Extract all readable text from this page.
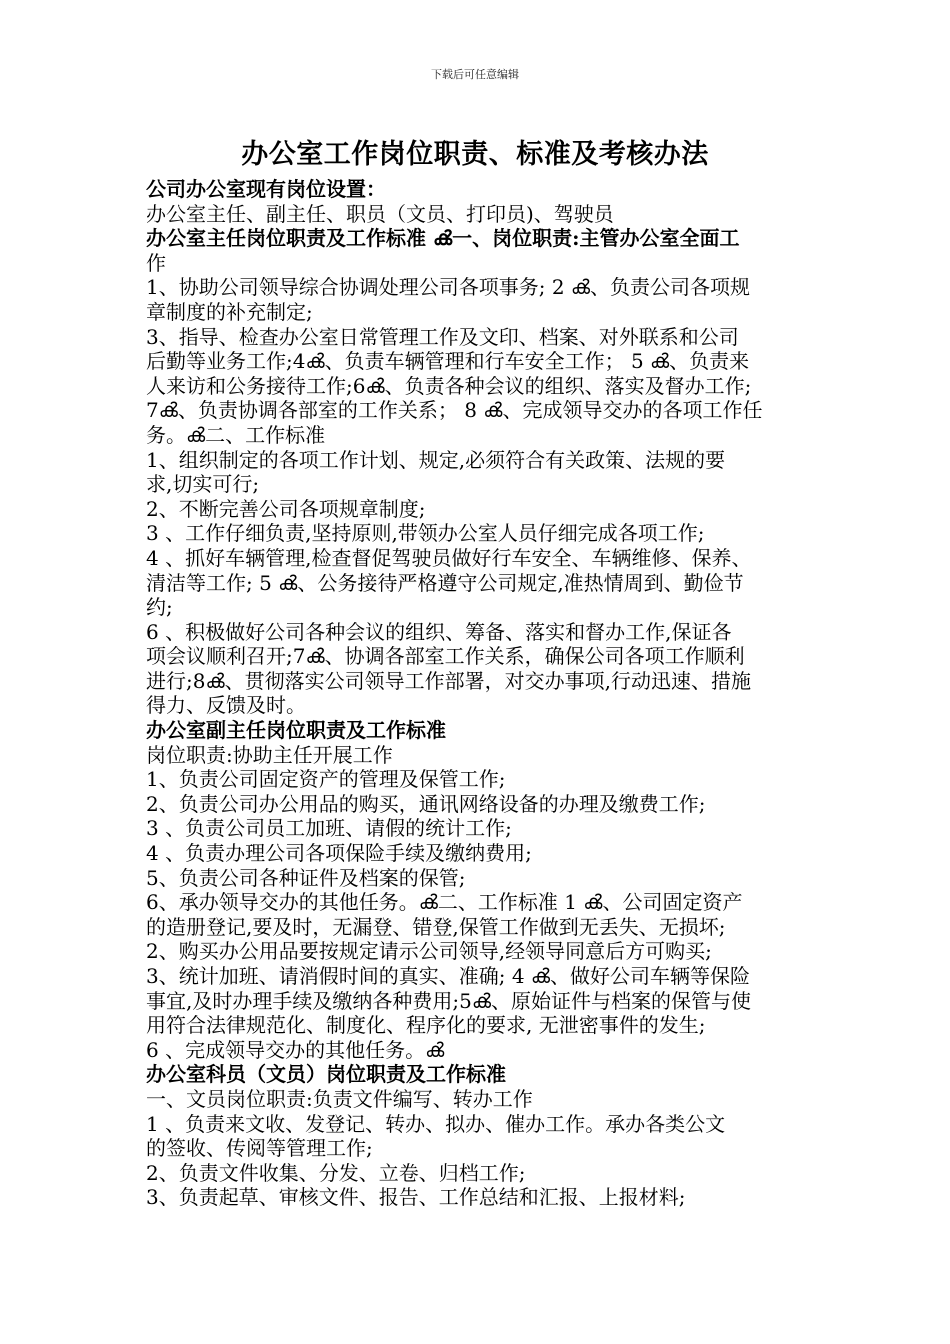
下载后可任意编辑
办公室工作岗位职责、标准及考核办法
公司办公室现有岗位设置：
办公室主任、副主任、职员（文员、打印员)、驾驶员
办公室主任岗位职责及工作标准 ൿ一、岗位职责:主管办公室全面工
作
1、协助公司领导综合协调处理公司各项事务; 2 ൿ、负责公司各项规
章制度的补充制定;
3、指导、检查办公室日常管理工作及文印、档案、对外联系和公司
后勤等业务工作;4ൿ、负责车辆管理和行车安全工作； 5 ൿ、负责来
人来访和公务接待工作;6ൿ、负责各种会议的组织、落实及督办工作;
7ൿ、负责协调各部室的工作关系； 8 ൿ、完成领导交办的各项工作任
务。ൿ二、工作标准
1、组织制定的各项工作计划、规定,必须符合有关政策、法规的要
求,切实可行;
2、不断完善公司各项规章制度;
3 、工作仔细负责,坚持原则,带领办公室人员仔细完成各项工作;
4 、抓好车辆管理,检查督促驾驶员做好行车安全、车辆维修、保养、
清洁等工作; 5 ൿ、公务接待严格遵守公司规定,准热情周到、勤俭节
约;
6 、积极做好公司各种会议的组织、筹备、落实和督办工作,保证各
项会议顺利召开;7ൿ、协调各部室工作关系，确保公司各项工作顺利
进行;8ൿ、贯彻落实公司领导工作部署，对交办事项,行动迅速、措施
得力、反馈及时。
办公室副主任岗位职责及工作标准
岗位职责:协助主任开展工作
1、负责公司固定资产的管理及保管工作;
2、负责公司办公用品的购买，通讯网络设备的办理及缴费工作;
3 、负责公司员工加班、请假的统计工作;
4 、负责办理公司各项保险手续及缴纳费用;
5、负责公司各种证件及档案的保管;
6、承办领导交办的其他任务。ൿ二、工作标准 1 ൿ、公司固定资产
的造册登记,要及时，无漏登、错登,保管工作做到无丢失、无损坏;
2、购买办公用品要按规定请示公司领导,经领导同意后方可购买;
3、统计加班、请消假时间的真实、准确; 4 ൿ、做好公司车辆等保险
事宜,及时办理手续及缴纳各种费用;5ൿ、原始证件与档案的保管与使
用符合法律规范化、制度化、程序化的要求, 无泄密事件的发生;
6 、完成领导交办的其他任务。ൿ
办公室科员（文员）岗位职责及工作标准
一、文员岗位职责:负责文件编写、转办工作
1 、负责来文收、发登记、转办、拟办、催办工作。承办各类公文
的签收、传阅等管理工作;
2、负责文件收集、分发、立卷、归档工作;
3、负责起草、审核文件、报告、工作总结和汇报、上报材料;
